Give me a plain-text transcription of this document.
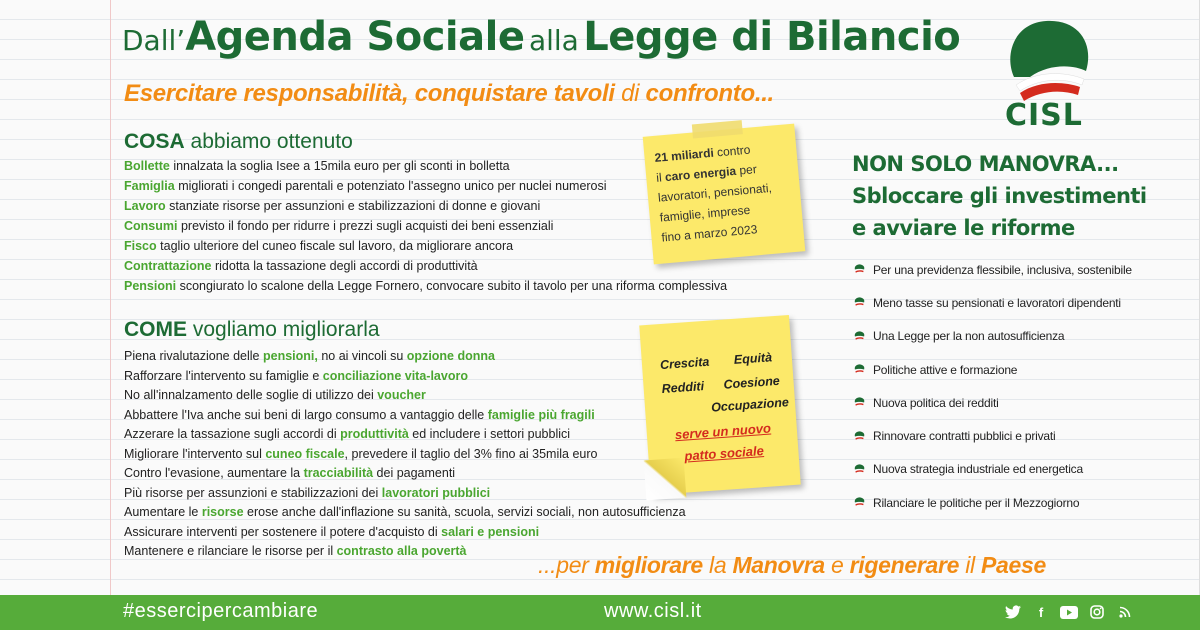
Dall’Agenda Sociale alla Legge di Bilancio
Esercitare responsabilità, conquistare tavoli di confronto...
CISL
COSA abbiamo ottenuto
Bollette innalzata la soglia Isee a 15mila euro per gli sconti in bolletta
Famiglia migliorati i congedi parentali e potenziato l'assegno unico per nuclei numerosi
Lavoro stanziate risorse per assunzioni e stabilizzazioni di donne e giovani
Consumi previsto il fondo per ridurre i prezzi sugli acquisti dei beni essenziali
Fisco taglio ulteriore del cuneo fiscale sul lavoro, da migliorare ancora
Contrattazione ridotta la tassazione degli accordi di produttività
Pensioni scongiurato lo scalone della Legge Fornero, convocare subito il tavolo per una riforma complessiva
21 miliardi contro
il caro energia per
lavoratori, pensionati,
famiglie, imprese
fino a marzo 2023
COME vogliamo migliorarla
Piena rivalutazione delle pensioni, no ai vincoli su opzione donna
Rafforzare l'intervento su famiglie e conciliazione vita-lavoro
No all'innalzamento delle soglie di utilizzo dei voucher
Abbattere l'Iva anche sui beni di largo consumo a vantaggio delle famiglie più fragili
Azzerare la tassazione sugli accordi di produttività ed includere i settori pubblici
Migliorare l'intervento sul cuneo fiscale, prevedere il taglio del 3% fino ai 35mila euro
Contro l'evasione, aumentare la tracciabilità dei pagamenti
Più risorse per assunzioni e stabilizzazioni dei lavoratori pubblici
Aumentare le risorse erose anche dall'inflazione su sanità, scuola, servizi sociali, non autosufficienza
Assicurare interventi per sostenere il potere d'acquisto di salari e pensioni
Mantenere e rilanciare le risorse per il contrasto alla povertà
Crescita Equità
Redditi Coesione
Occupazione
serve un nuovo
patto sociale
NON SOLO MANOVRA...
Sbloccare gli investimenti
e avviare le riforme
Per una previdenza flessibile, inclusiva, sostenibile
Meno tasse su pensionati e lavoratori dipendenti
Una Legge per la non autosufficienza
Politiche attive e formazione
Nuova politica dei redditi
Rinnovare contratti pubblici e privati
Nuova strategia industriale ed energetica
Rilanciare le politiche per il Mezzogiorno
...per migliorare la Manovra e rigenerare il Paese
#essercipercambiare	www.cisl.it	f
